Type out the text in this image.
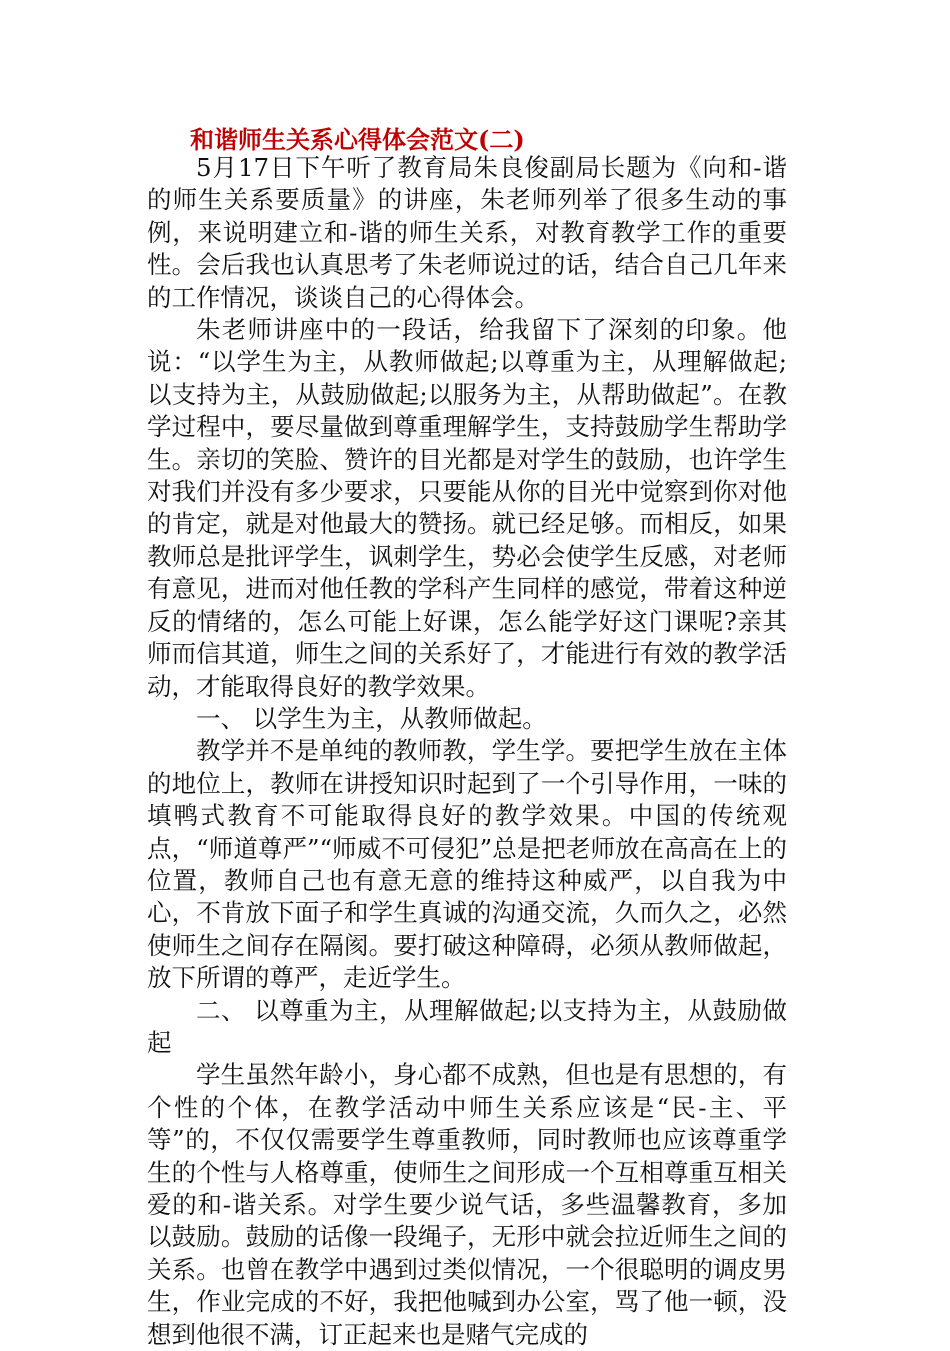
和谐师生关系心得体会范文(二)

5月17日下午听了教育局朱良俊副局长题为《向和-谐的师生关系要质量》的讲座，朱老师列举了很多生动的事例，来说明建立和-谐的师生关系，对教育教学工作的重要性。会后我也认真思考了朱老师说过的话，结合自己几年来的工作情况，谈谈自己的心得体会。

朱老师讲座中的一段话，给我留下了深刻的印象。他说：“以学生为主，从教师做起;以尊重为主，从理解做起;以支持为主，从鼓励做起;以服务为主，从帮助做起”。在教学过程中，要尽量做到尊重理解学生，支持鼓励学生帮助学生。亲切的笑脸、赞许的目光都是对学生的鼓励，也许学生对我们并没有多少要求，只要能从你的目光中觉察到你对他的肯定，就是对他最大的赞扬。就已经足够。而相反，如果教师总是批评学生，讽刺学生，势必会使学生反感，对老师有意见，进而对他任教的学科产生同样的感觉，带着这种逆反的情绪的，怎么可能上好课，怎么能学好这门课呢?亲其师而信其道，师生之间的关系好了，才能进行有效的教学活动，才能取得良好的教学效果。

一、 以学生为主，从教师做起。

教学并不是单纯的教师教，学生学。要把学生放在主体的地位上，教师在讲授知识时起到了一个引导作用，一味的填鸭式教育不可能取得良好的教学效果。中国的传统观点，“师道尊严”“师威不可侵犯”总是把老师放在高高在上的位置，教师自己也有意无意的维持这种威严，以自我为中心，不肯放下面子和学生真诚的沟通交流，久而久之，必然使师生之间存在隔阂。要打破这种障碍，必须从教师做起，放下所谓的尊严，走近学生。

二、 以尊重为主，从理解做起;以支持为主，从鼓励做起

学生虽然年龄小，身心都不成熟，但也是有思想的，有个性的个体，在教学活动中师生关系应该是“民-主、平等”的，不仅仅需要学生尊重教师，同时教师也应该尊重学生的个性与人格尊重，使师生之间形成一个互相尊重互相关爱的和-谐关系。对学生要少说气话，多些温馨教育，多加以鼓励。鼓励的话像一段绳子，无形中就会拉近师生之间的关系。也曾在教学中遇到过类似情况，一个很聪明的调皮男生，作业完成的不好，我把他喊到办公室，骂了他一顿，没想到他很不满，订正起来也是赌气完成的
